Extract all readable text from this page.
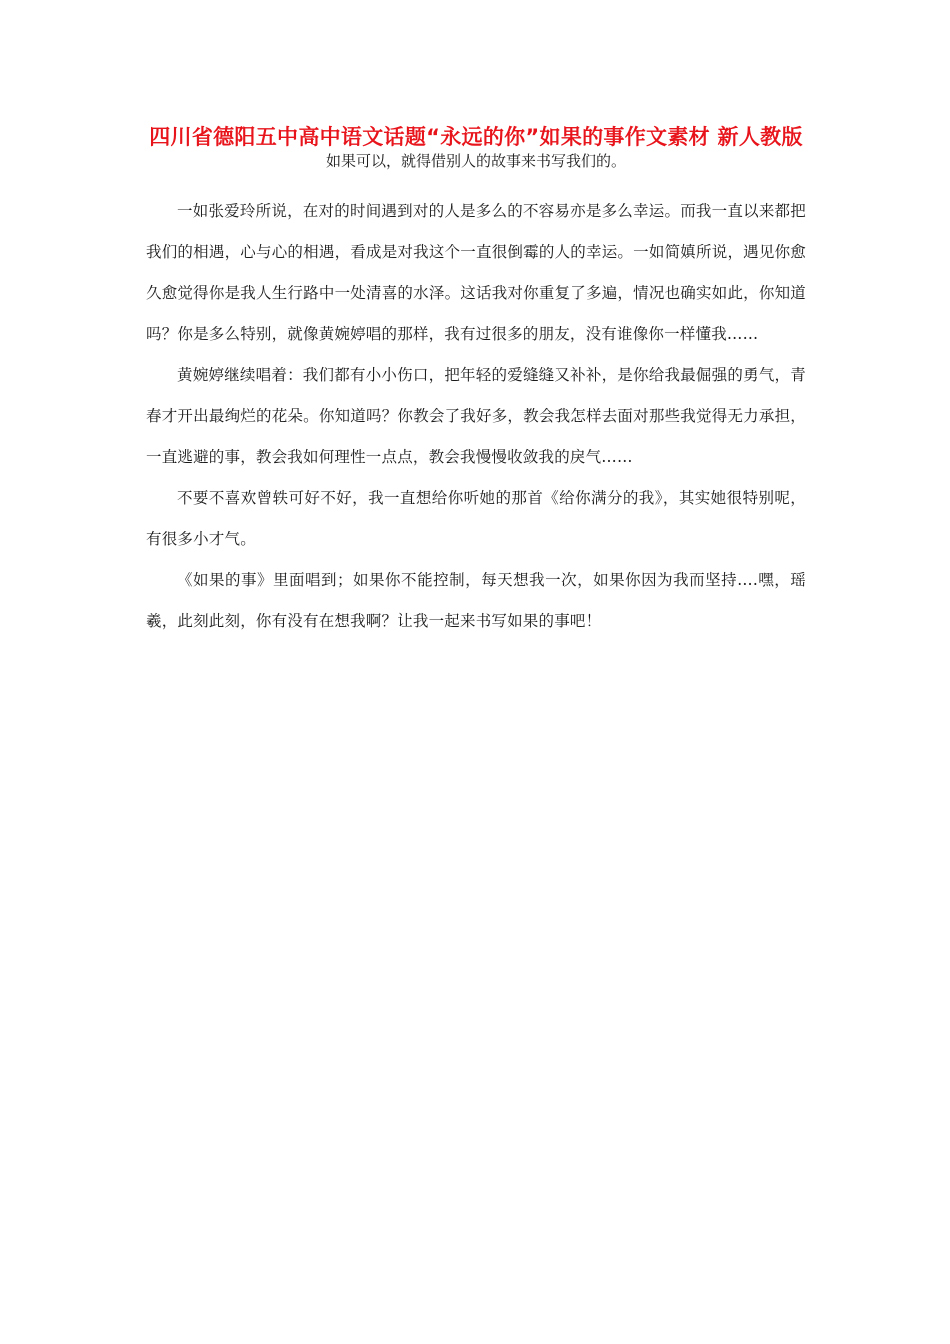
四川省德阳五中高中语文话题“永远的你”如果的事作文素材 新人教版
如果可以，就得借别人的故事来书写我们的。

一如张爱玲所说，在对的时间遇到对的人是多么的不容易亦是多么幸运。而我一直以来都把我们的相遇，心与心的相遇，看成是对我这个一直很倒霉的人的幸运。一如简嫃所说，遇见你愈久愈觉得你是我人生行路中一处清喜的水泽。这话我对你重复了多遍，情况也确实如此，你知道吗？你是多么特别，就像黄婉婷唱的那样，我有过很多的朋友，没有谁像你一样懂我……

黄婉婷继续唱着：我们都有小小伤口，把年轻的爱缝缝又补补，是你给我最倔强的勇气，青春才开出最绚烂的花朵。你知道吗？你教会了我好多，教会我怎样去面对那些我觉得无力承担，一直逃避的事，教会我如何理性一点点，教会我慢慢收敛我的戾气……

不要不喜欢曾轶可好不好，我一直想给你听她的那首《给你满分的我》，其实她很特别呢，有很多小才气。

《如果的事》里面唱到；如果你不能控制，每天想我一次，如果你因为我而坚持….嘿，瑶羲，此刻此刻，你有没有在想我啊？让我一起来书写如果的事吧！
